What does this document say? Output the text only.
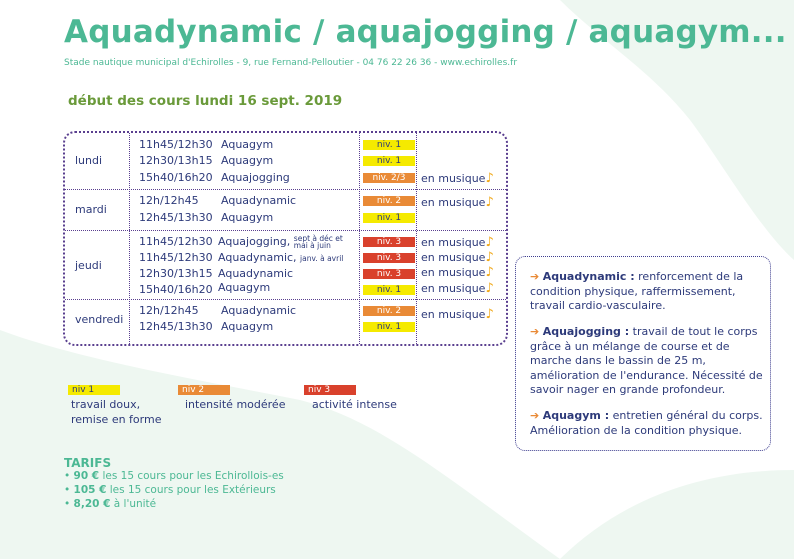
Aquadynamic / aquajogging / aquagym...
Stade nautique municipal d'Echirolles - 9, rue Fernand-Pelloutier - 04 76 22 26 36 - www.echirolles.fr
début des cours lundi 16 sept. 2019
lundi
11h45/12h30 Aquagym	niv. 1
12h30/13h15 Aquagym	niv. 1
15h40/16h20 Aquajogging	niv. 2/3	en musique♪
mardi
12h/12h45 Aquadynamic	niv. 2	en musique♪
12h45/13h30 Aquagym	niv. 1
jeudi
11h45/12h30 Aquajogging, sept à déc et mai à juin	niv. 3	en musique♪
11h45/12h30 Aquadynamic, janv. à avril	niv. 3	en musique♪
12h30/13h15 Aquadynamic	niv. 3	en musique♪
15h40/16h20 Aquagym	niv. 1	en musique♪
vendredi
12h/12h45 Aquadynamic	niv. 2	en musique♪
12h45/13h30 Aquagym	niv. 1
niv 1
travail doux,
remise en forme
niv 2
intensité modérée
niv 3
activité intense

➔ Aquadynamic : renforcement de la condition physique, raffermissement, travail cardio-vasculaire.

➔ Aquajogging : travail de tout le corps grâce à un mélange de course et de marche dans le bassin de 25 m, amélioration de l'endurance. Nécessité de savoir nager en grande profondeur.

➔ Aquagym : entretien général du corps. Amélioration de la condition physique.

TARIFS
• 90 € les 15 cours pour les Echirollois-es
• 105 € les 15 cours pour les Extérieurs
• 8,20 € à l'unité
